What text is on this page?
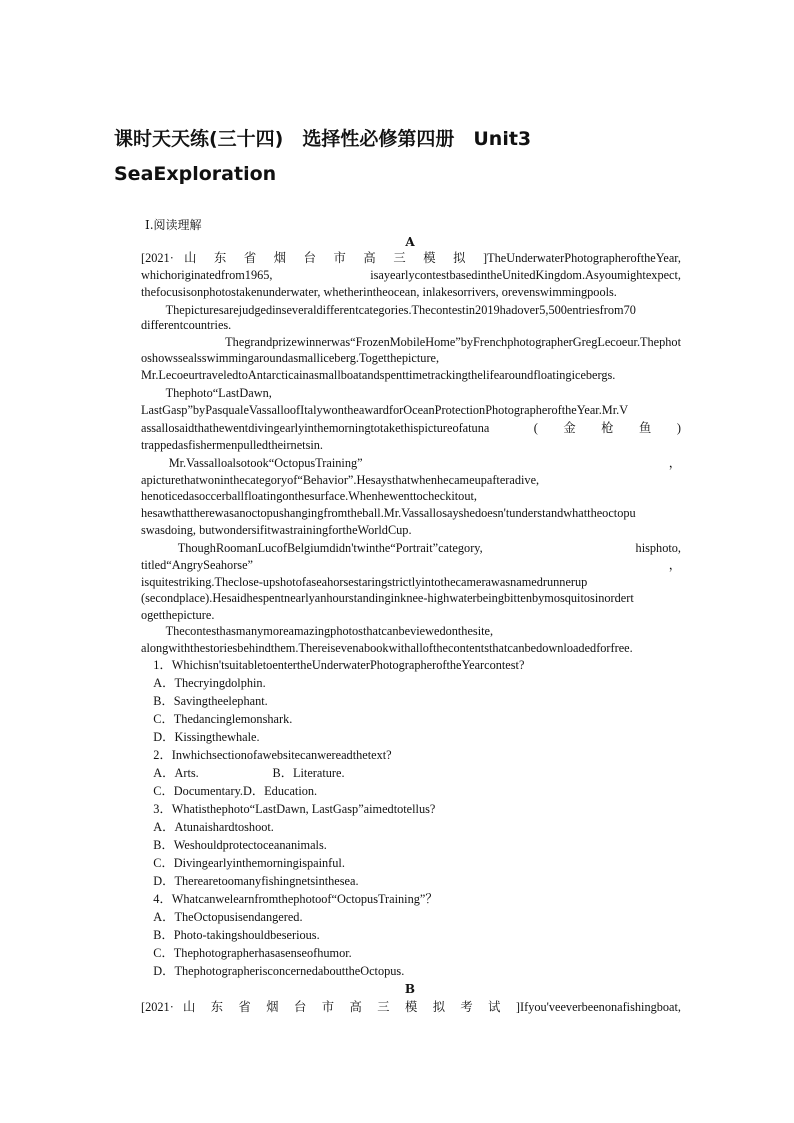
课时天天练(三十四)　选择性必修第四册　Unit3
SeaExploration
Ⅰ.阅读理解
A
[2021· 山 东 省 烟 台 市 高 三 模 拟 ]TheUnderwaterPhotographeroftheYear,
whichoriginatedfrom1965,　　　　　isayearlycontestbasedintheUnitedKingdom.Asyoumightexpect,
thefocusisonphotostakenunderwater, whetherintheocean, inlakesorrivers, orevenswimmingpools.
　　Thepicturesarejudgedinseveraldifferentcategories.Thecontestin2019hadover5,500entriesfrom70
differentcountries.
　　Thegrandprizewinnerwas“FrozenMobileHome”byFrenchphotographerGregLecoeur.Thephot
oshowssealsswimmingaroundasmalliceberg.Togetthepicture,
Mr.LecoeurtraveledtoAntarcticainasmallboatandspenttimetrackingthelifearoundfloatingicebergs.
　　Thephoto“LastDawn,
LastGasp”byPasqualeVassalloofItalywontheawardforOceanProtectionPhotographeroftheYear.Mr.V
assallosaidthathewentdivingearlyinthemorningtotakethispictureofatuna　　(　金　枪　鱼　)
trappedasfishermenpulledtheirnetsin.
　　Mr.Vassalloalsotook“OctopusTraining”　　　　　　　　　　　　　　　　　　　　　　，
apicturethatwoninthecategoryof“Behavior”.Hesaysthatwhenhecameupafteradive,
henoticedasoccerballfloatingonthesurface.Whenhewenttocheckitout,
hesawthattherewasanoctopushangingfromtheball.Mr.Vassallosayshedoesn'tunderstandwhattheoctopu
swasdoing, butwondersifitwastrainingfortheWorldCup.
　　ThoughRoomanLucofBelgiumdidn'twinthe“Portrait”category,　　　　　　　　hisphoto,
titled“AngrySeahorse”　　　　　　　　　　　　　　　　　　　　　　　　　　　　　，
isquitestriking.Theclose-upshotofaseahorsestaringstrictlyintothecamerawasnamedrunnerup
(secondplace).Hesaidhespentnearlyanhourstandinginknee-highwaterbeingbittenbymosquitosinordert
ogetthepicture.
　　Thecontesthasmanymoreamazingphotosthatcanbeviewedonthesite,
alongwiththestoriesbehindthem.Thereisevenabookwithallofthecontentsthatcanbedownloadedforfree.
　1．Whichisn'tsuitabletoentertheUnderwaterPhotographeroftheYearcontest?
　A．Thecryingdolphin.
　B．Savingtheelephant.
　C．Thedancinglemonshark.
　D．Kissingthewhale.
　2．Inwhichsectionofawebsitecanwereadthetext?
　A．Arts.　　　　　　B．Literature.
　C．Documentary.D．Education.
　3．Whatisthephoto“LastDawn, LastGasp”aimedtotellus?
　A．Atunaishardtoshoot.
　B．Weshouldprotectoceananimals.
　C．Divingearlyinthemorningispainful.
　D．Therearetoomanyfishingnetsinthesea.
　4．Whatcanwelearnfromthephotoof“OctopusTraining”？
　A．TheOctopusisendangered.
　B．Photo-takingshouldbeserious.
　C．Thephotographerhasasenseofhumor.
　D．ThephotographerisconcernedabouttheOctopus.
B
[2021· 山 东 省 烟 台 市 高 三 模 拟 考 试 ]Ifyou'veeverbeenonafishingboat,
